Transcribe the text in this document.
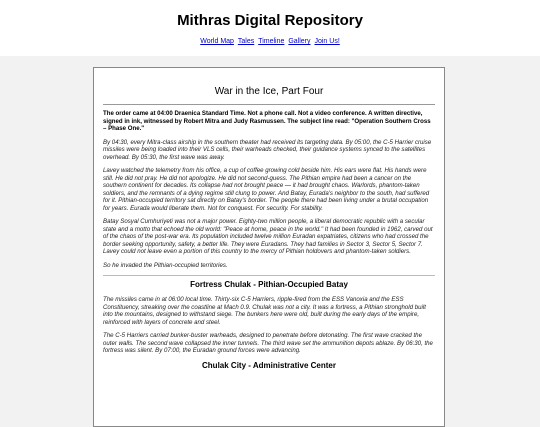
Mithras Digital Repository
World Map Tales Timeline Gallery Join Us!
War in the Ice, Part Four

The order came at 04:00 Draenica Standard Time. Not a phone call. Not a video conference. A written directive, signed in ink, witnessed by Robert Mitra and Judy Rasmussen. The subject line read: "Operation Southern Cross – Phase One."

By 04:30, every Mitra-class airship in the southern theater had received its targeting data. By 05:00, the C-5 Harrier cruise missiles were being loaded into their VLS cells, their warheads checked, their guidance systems synced to the satellites overhead. By 05:30, the first wave was away.

Lavey watched the telemetry from his office, a cup of coffee growing cold beside him. His ears were flat. His hands were still. He did not pray. He did not apologize. He did not second-guess. The Pithian empire had been a cancer on the southern continent for decades. Its collapse had not brought peace — it had brought chaos. Warlords, phantom-taken soldiers, and the remnants of a dying regime still clung to power. And Batay, Eurada's neighbor to the south, had suffered for it. Pithian-occupied territory sat directly on Batay's border. The people there had been living under a brutal occupation for years. Eurada would liberate them. Not for conquest. For security. For stability.

Batay Sosyal Cumhuriyeti was not a major power. Eighty-two million people, a liberal democratic republic with a secular state and a motto that echoed the old world: "Peace at home, peace in the world." It had been founded in 1962, carved out of the chaos of the post-war era. Its population included twelve million Euradan expatriates, citizens who had crossed the border seeking opportunity, safety, a better life. They were Euradans. They had families in Sector 3, Sector 5, Sector 7. Lavey could not leave even a portion of this country to the mercy of Pithian holdovers and phantom-taken soldiers.

So he invaded the Pithian-occupied territories.

Fortress Chulak - Pithian-Occupied Batay

The missiles came in at 06:00 local time. Thirty-six C-5 Harriers, ripple-fired from the ESS Vanoxia and the ESS Constituency, streaking over the coastline at Mach 0.9. Chulak was not a city. It was a fortress, a Pithian stronghold built into the mountains, designed to withstand siege. The bunkers here were old, built during the early days of the empire, reinforced with layers of concrete and steel.

The C-5 Harriers carried bunker-buster warheads, designed to penetrate before detonating. The first wave cracked the outer walls. The second wave collapsed the inner tunnels. The third wave set the ammunition depots ablaze. By 06:30, the fortress was silent. By 07:00, the Euradan ground forces were advancing.

Chulak City - Administrative Center
